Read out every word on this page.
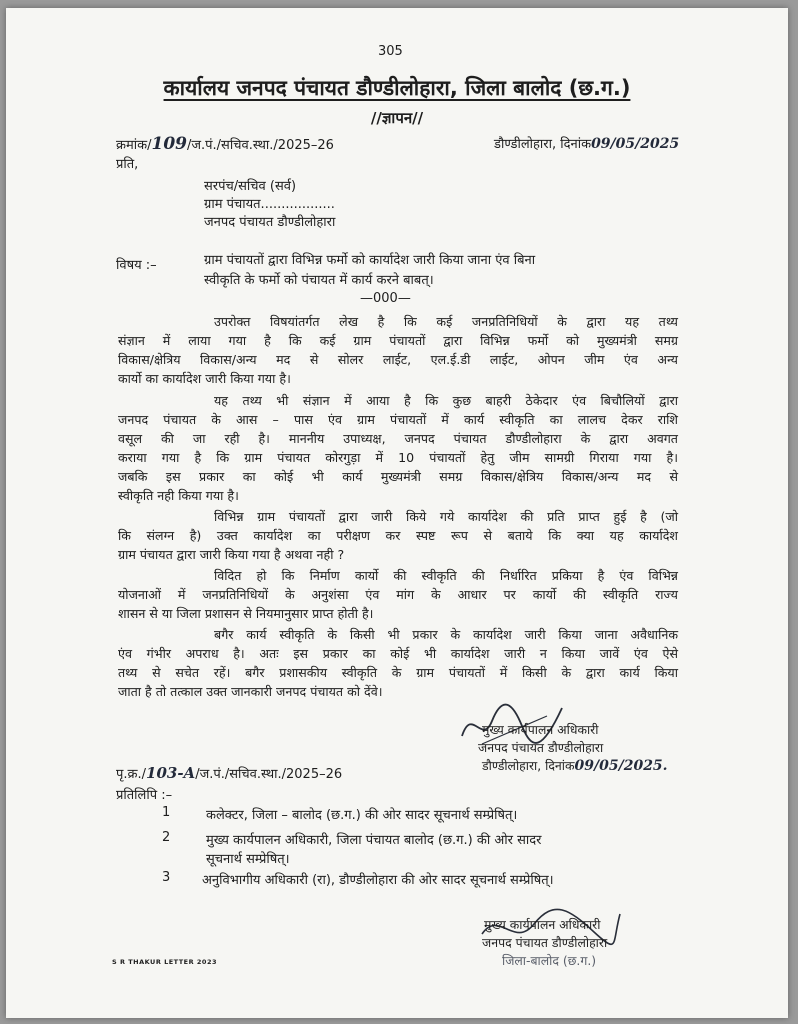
305
कार्यालय जनपद पंचायत डौण्डीलोहारा, जिला बालोद (छ.ग.)
//ज्ञापन//
क्रमांक/109/ज.पं./सचिव.स्था./2025–26	डौण्डीलोहारा, दिनांक09/05/2025
प्रति,
सरपंच/सचिव (सर्व)
ग्राम पंचायत..................
जनपद पंचायत डौण्डीलोहारा
विषय :–	ग्राम पंचायतों द्वारा विभिन्न फर्मो को कार्यादेश जारी किया जाना एंव बिना
स्वीकृति के फर्मो को पंचायत में कार्य करने बाबत्।
—000—
उपरोक्त विषयांतर्गत लेख है कि कई जनप्रतिनिधियों के द्वारा यह तथ्य
संज्ञान में लाया गया है कि कई ग्राम पंचायतों द्वारा विभिन्न फर्मो को मुख्यमंत्री समग्र
विकास/क्षेत्रिय विकास/अन्य मद से सोलर लाईट, एल.ई.डी लाईट, ओपन जीम एंव अन्य
कार्यो का कार्यादेश जारी किया गया है।
यह तथ्य भी संज्ञान में आया है कि कुछ बाहरी ठेकेदार एंव बिचौलियों द्वारा
जनपद पंचायत के आस – पास एंव ग्राम पंचायतों में कार्य स्वीकृति का लालच देकर राशि
वसूल की जा रही है। माननीय उपाध्यक्ष, जनपद पंचायत डौण्डीलोहारा के द्वारा अवगत
कराया गया है कि ग्राम पंचायत कोरगुड़ा में 10 पंचायतों हेतु जीम सामग्री गिराया गया है।
जबकि इस प्रकार का कोई भी कार्य मुख्यमंत्री समग्र विकास/क्षेत्रिय विकास/अन्य मद से
स्वीकृति नही किया गया है।
विभिन्न ग्राम पंचायतों द्वारा जारी किये गये कार्यादेश की प्रति प्राप्त हुई है (जो
कि संलग्न है) उक्त कार्यादेश का परीक्षण कर स्पष्ट रूप से बताये कि क्या यह कार्यादेश
ग्राम पंचायत द्वारा जारी किया गया है अथवा नही ?
विदित हो कि निर्माण कार्यो की स्वीकृति की निर्धारित प्रकिया है एंव विभिन्न
योजनाओं में जनप्रतिनिधियों के अनुशंसा एंव मांग के आधार पर कार्यो की स्वीकृति राज्य
शासन से या जिला प्रशासन से नियमानुसार प्राप्त होती है।
बगैर कार्य स्वीकृति के किसी भी प्रकार के कार्यादेश जारी किया जाना अवैधानिक
एंव गंभीर अपराध है। अतः इस प्रकार का कोई भी कार्यादेश जारी न किया जावें एंव ऐसे
तथ्य से सचेत रहें। बगैर प्रशासकीय स्वीकृति के ग्राम पंचायतों में किसी के द्वारा कार्य किया
जाता है तो तत्काल उक्त जानकारी जनपद पंचायत को देंवे।
मुख्य कार्यपालन अधिकारी
जनपद पंचायत डौण्डीलोहारा
डौण्डीलोहारा, दिनांक09/05/2025.
पृ.क्र./103-A/ज.पं./सचिव.स्था./2025–26
प्रतिलिपि :–
1	कलेक्टर, जिला – बालोद (छ.ग.) की ओर सादर सूचनार्थ सम्प्रेषित्।
2	मुख्य कार्यपालन अधिकारी, जिला पंचायत बालोद (छ.ग.) की ओर सादर
सूचनार्थ सम्प्रेषित्।
3 अनुविभागीय अधिकारी (रा), डौण्डीलोहारा की ओर सादर सूचनार्थ सम्प्रेषित्।
मुख्य कार्यपालन अधिकारी
जनपद पंचायत डौण्डीलोहारा
जिला-बालोद (छ.ग.)
S R THAKUR LETTER 2023
